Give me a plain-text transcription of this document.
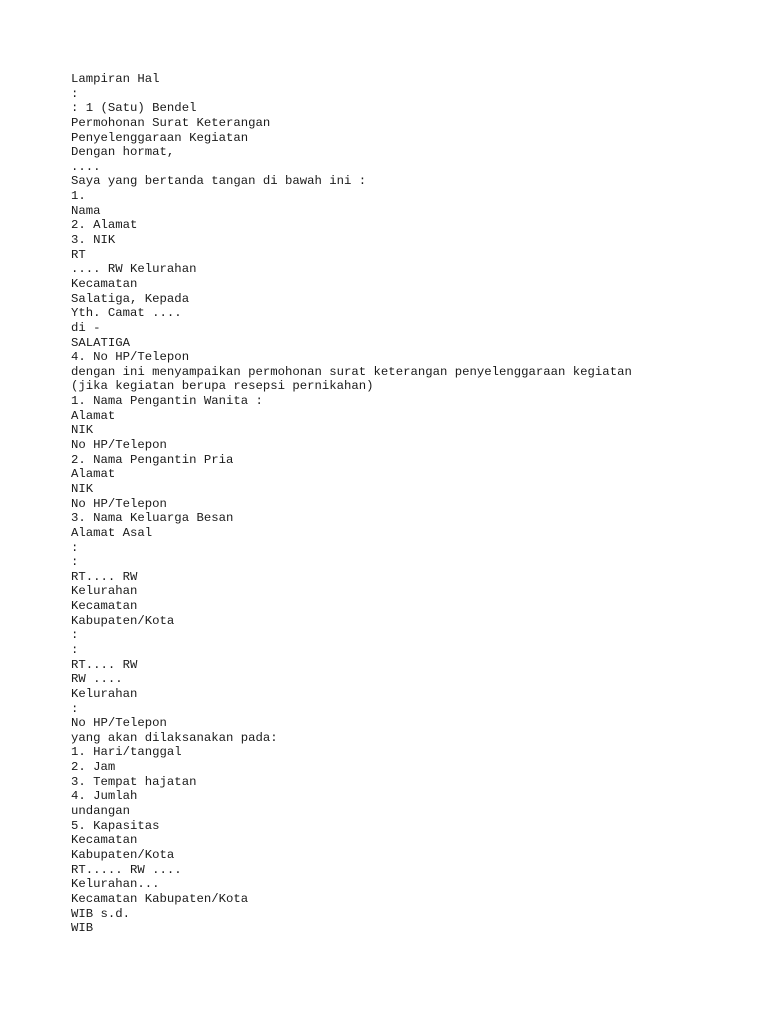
Lampiran Hal
:
: 1 (Satu) Bendel
Permohonan Surat Keterangan
Penyelenggaraan Kegiatan
Dengan hormat,
....
Saya yang bertanda tangan di bawah ini :
1.
Nama
2. Alamat
3. NIK
RT
.... RW Kelurahan
Kecamatan
Salatiga, Kepada
Yth. Camat ....
di -
SALATIGA
4. No HP/Telepon
dengan ini menyampaikan permohonan surat keterangan penyelenggaraan kegiatan
(jika kegiatan berupa resepsi pernikahan)
1. Nama Pengantin Wanita :
Alamat
NIK
No HP/Telepon
2. Nama Pengantin Pria
Alamat
NIK
No HP/Telepon
3. Nama Keluarga Besan
Alamat Asal
:
:
RT.... RW
Kelurahan
Kecamatan
Kabupaten/Kota
:
:
RT.... RW
RW ....
Kelurahan
:
No HP/Telepon
yang akan dilaksanakan pada:
1. Hari/tanggal
2. Jam
3. Tempat hajatan
4. Jumlah
undangan
5. Kapasitas
Kecamatan
Kabupaten/Kota
RT..... RW ....
Kelurahan...
Kecamatan Kabupaten/Kota
WIB s.d.
WIB
